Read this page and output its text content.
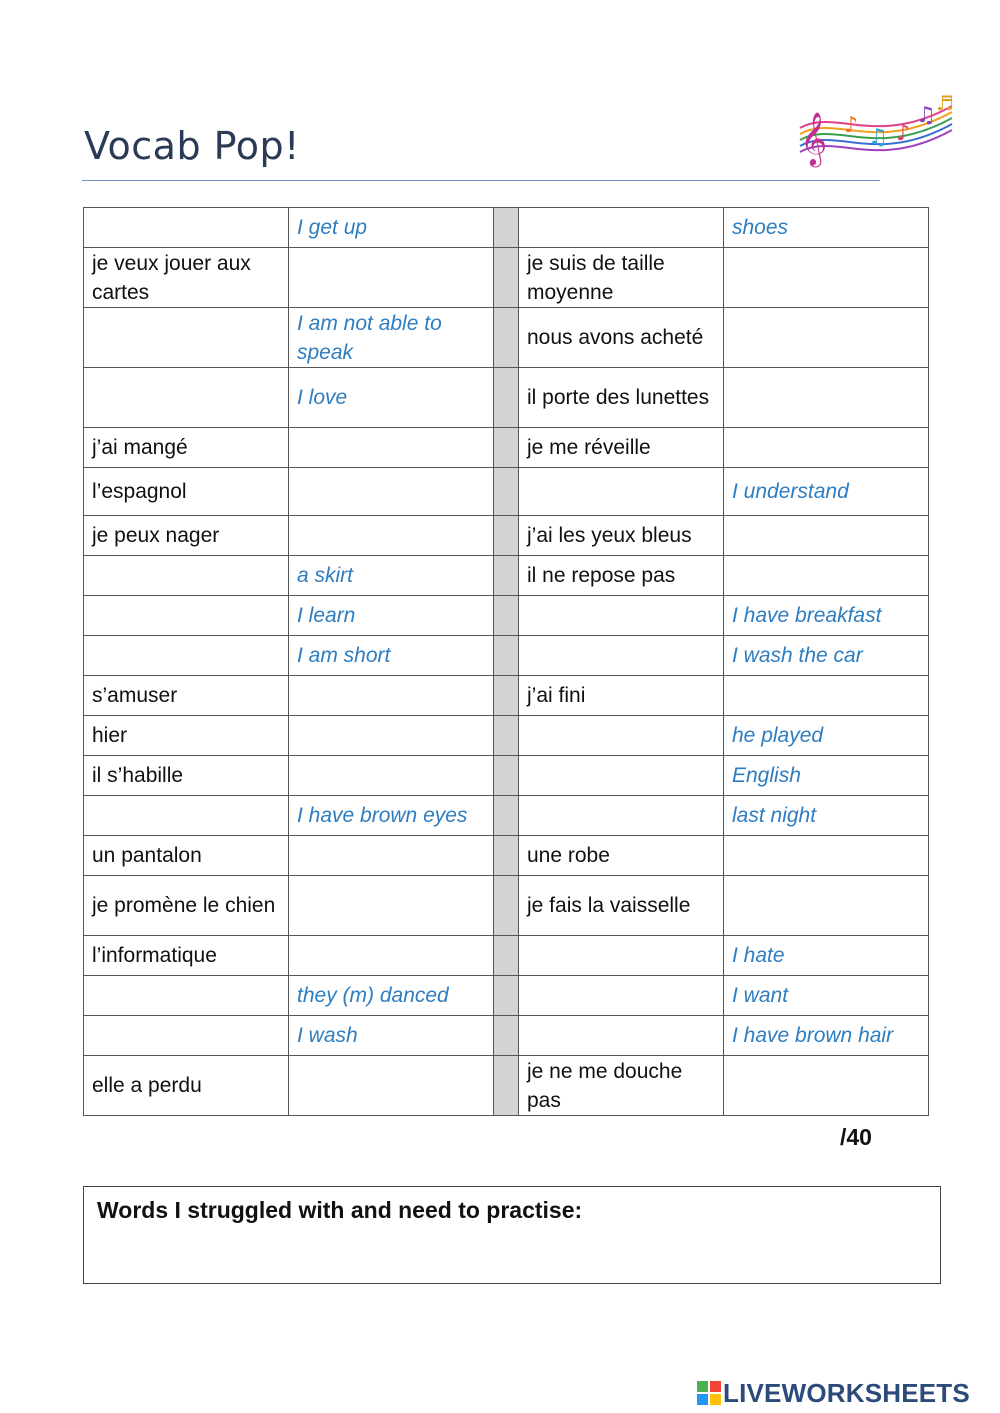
Vocab Pop!	𝄞 ♪ ♫ ♪
♫ ♬
	I get up			shoes
je veux jouer aux cartes			je suis de taille moyenne	
	I am not able to speak		nous avons acheté	
	I love		il porte des lunettes	
j’ai mangé			je me réveille	
l’espagnol				I understand
je peux nager			j’ai les yeux bleus	
	a skirt		il ne repose pas	
	I learn			I have breakfast
	I am short			I wash the car
s’amuser			j’ai fini	
hier				he played
il s’habille				English
	I have brown eyes			last night
un pantalon			une robe	
je promène le chien			je fais la vaisselle	
l’informatique				I hate
	they (m) danced			I want
	I wash			I have brown hair
elle a perdu			je ne me douche pas	
/40
Words I struggled with and need to practise:
LIVEWORKSHEETS
